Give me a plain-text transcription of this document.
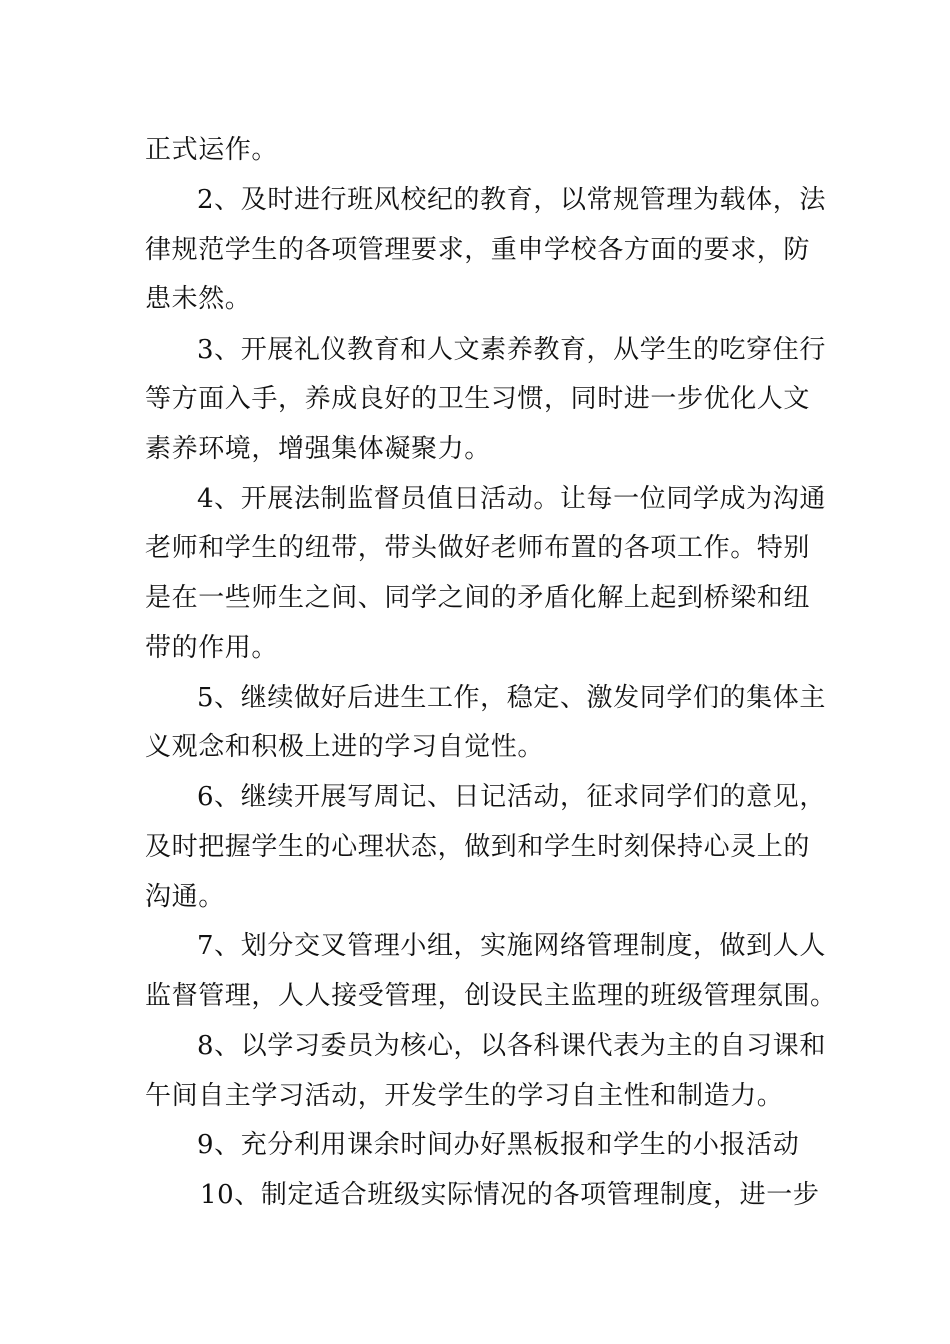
正式运作。
2、及时进行班风校纪的教育，以常规管理为载体，法
律规范学生的各项管理要求，重申学校各方面的要求，防
患未然。
3、开展礼仪教育和人文素养教育，从学生的吃穿住行
等方面入手，养成良好的卫生习惯，同时进一步优化人文
素养环境，增强集体凝聚力。
4、开展法制监督员值日活动。让每一位同学成为沟通
老师和学生的纽带，带头做好老师布置的各项工作。特别
是在一些师生之间、同学之间的矛盾化解上起到桥梁和纽
带的作用。
5、继续做好后进生工作，稳定、激发同学们的集体主
义观念和积极上进的学习自觉性。
6、继续开展写周记、日记活动，征求同学们的意见，
及时把握学生的心理状态，做到和学生时刻保持心灵上的
沟通。
7、划分交叉管理小组，实施网络管理制度，做到人人
监督管理，人人接受管理，创设民主监理的班级管理氛围。
8、以学习委员为核心，以各科课代表为主的自习课和
午间自主学习活动，开发学生的学习自主性和制造力。
9、充分利用课余时间办好黑板报和学生的小报活动
10、制定适合班级实际情况的各项管理制度，进一步
